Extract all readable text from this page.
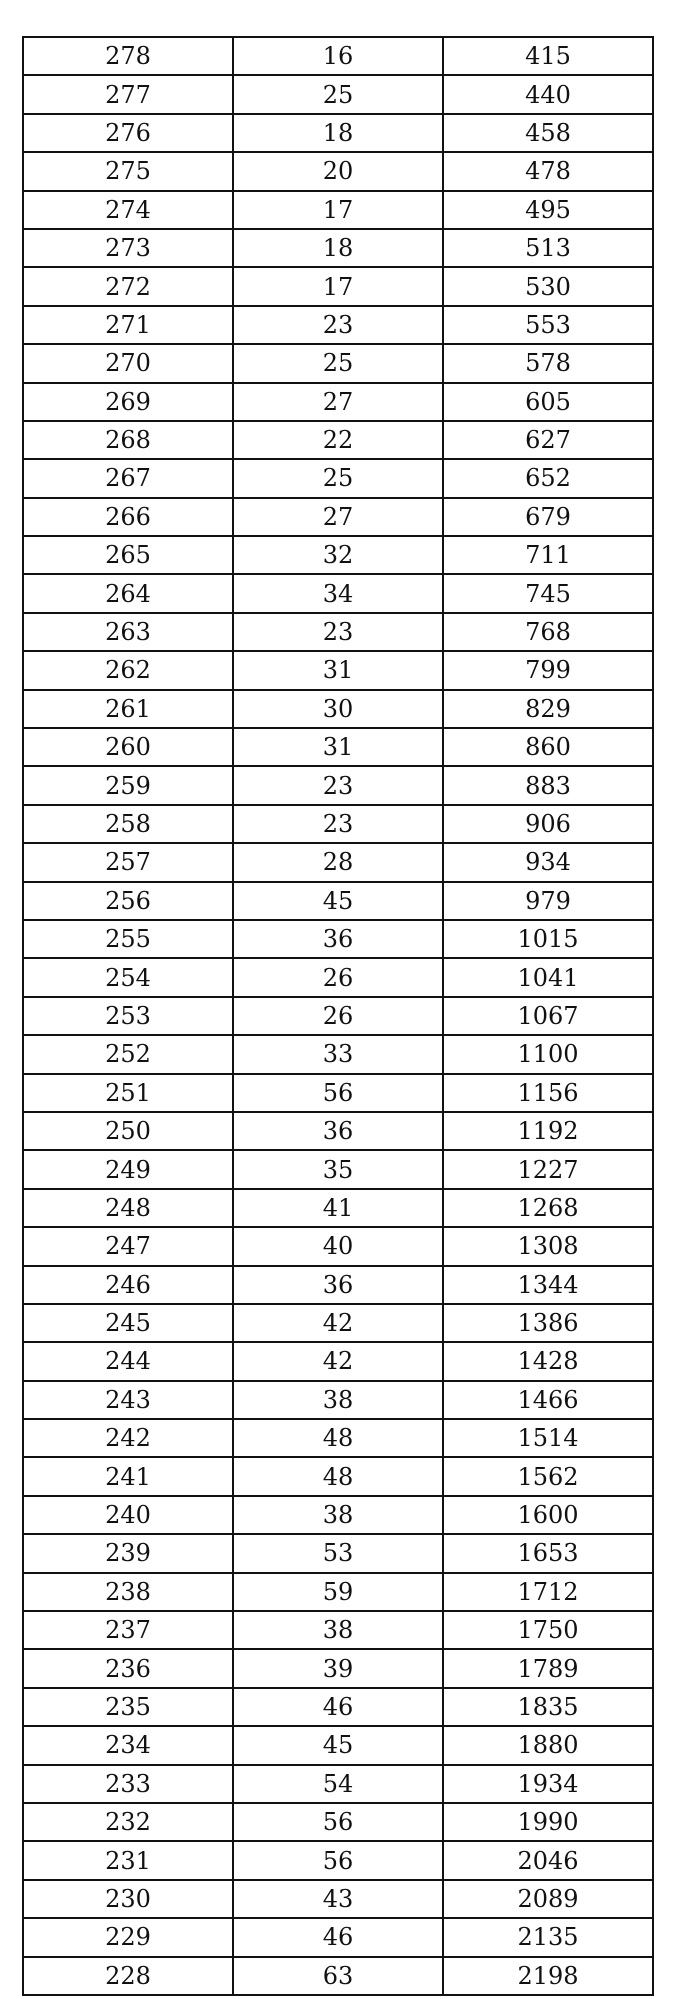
278	16	415
277	25	440
276	18	458
275	20	478
274	17	495
273	18	513
272	17	530
271	23	553
270	25	578
269	27	605
268	22	627
267	25	652
266	27	679
265	32	711
264	34	745
263	23	768
262	31	799
261	30	829
260	31	860
259	23	883
258	23	906
257	28	934
256	45	979
255	36	1015
254	26	1041
253	26	1067
252	33	1100
251	56	1156
250	36	1192
249	35	1227
248	41	1268
247	40	1308
246	36	1344
245	42	1386
244	42	1428
243	38	1466
242	48	1514
241	48	1562
240	38	1600
239	53	1653
238	59	1712
237	38	1750
236	39	1789
235	46	1835
234	45	1880
233	54	1934
232	56	1990
231	56	2046
230	43	2089
229	46	2135
228	63	2198
